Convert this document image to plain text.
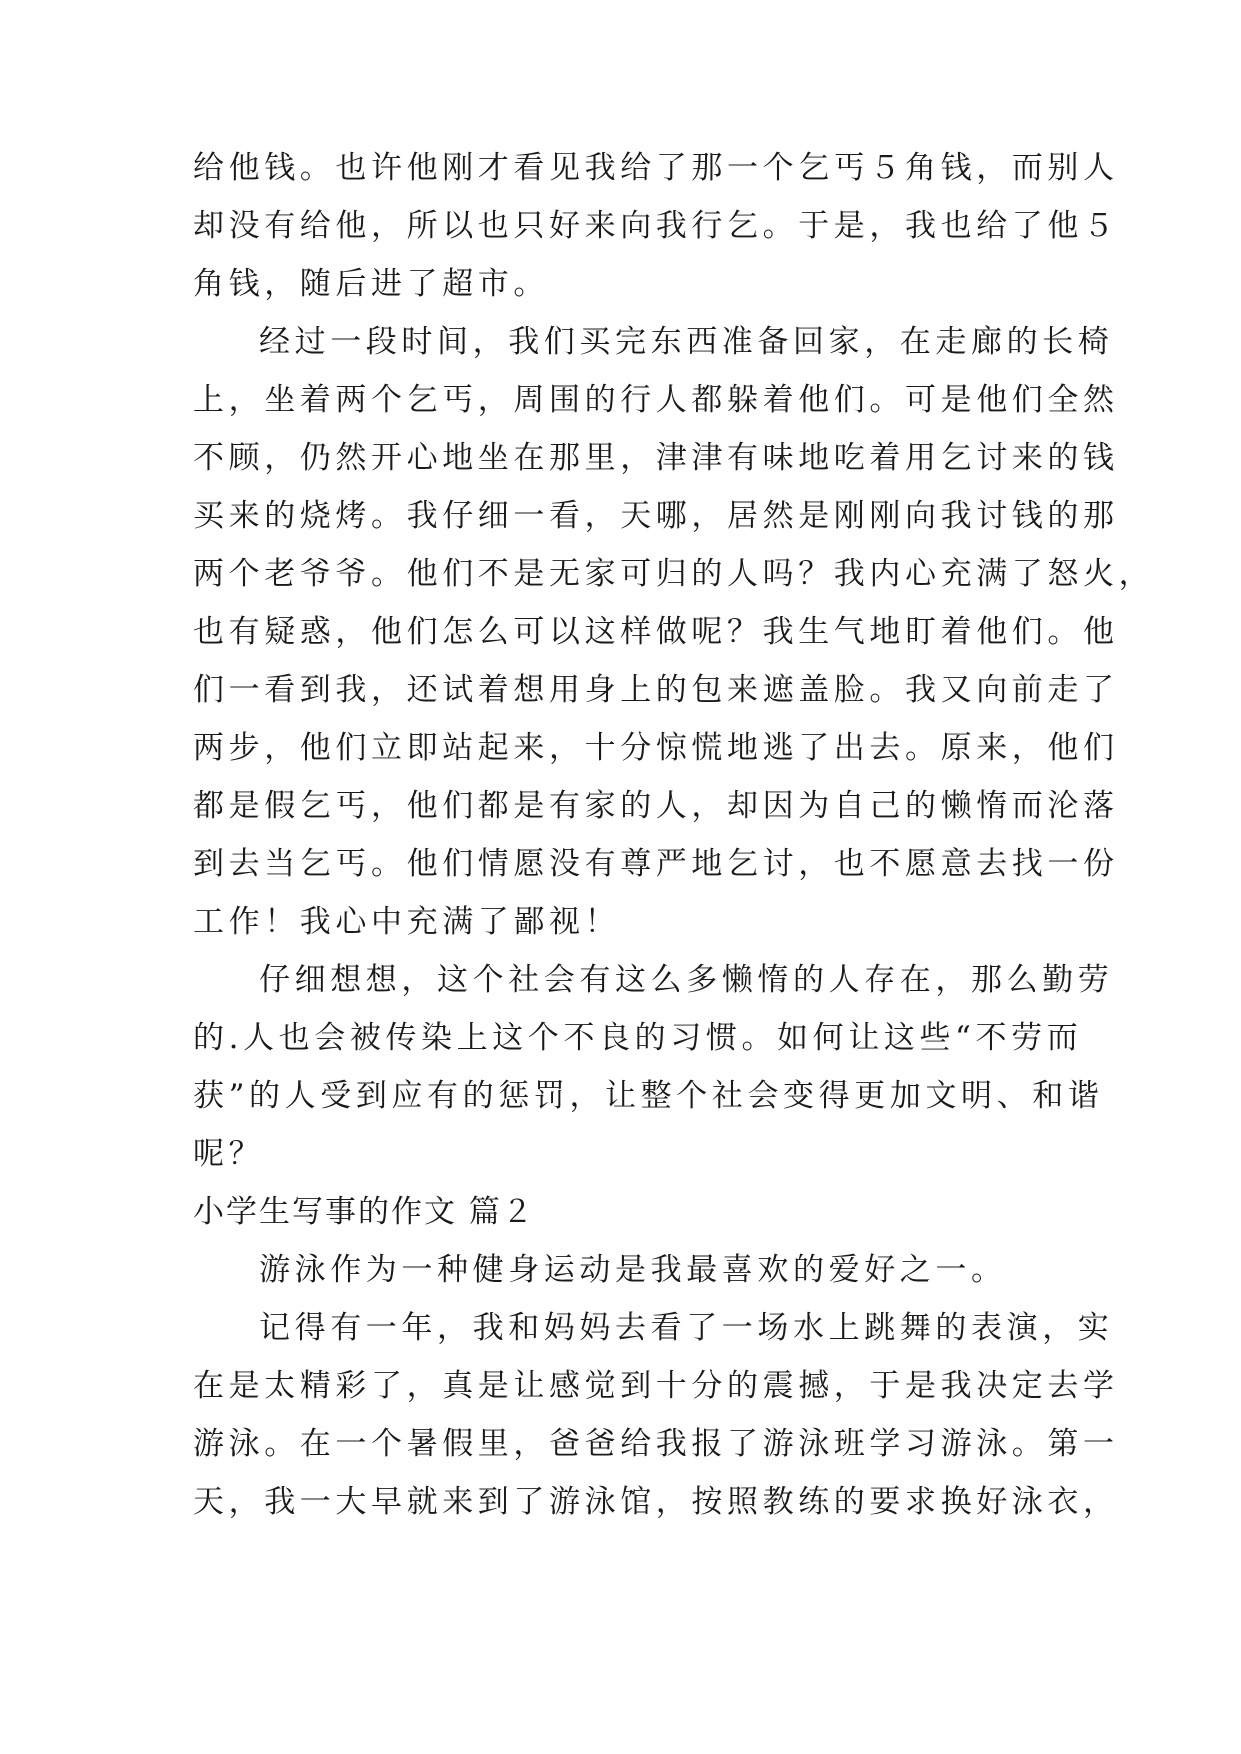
给他钱。也许他刚才看见我给了那一个乞丐５角钱，而别人
却没有给他，所以也只好来向我行乞。于是，我也给了他５
角钱，随后进了超市。
经过一段时间，我们买完东西准备回家，在走廊的长椅
上，坐着两个乞丐，周围的行人都躲着他们。可是他们全然
不顾，仍然开心地坐在那里，津津有味地吃着用乞讨来的钱
买来的烧烤。我仔细一看，天哪，居然是刚刚向我讨钱的那
两个老爷爷。他们不是无家可归的人吗？我内心充满了怒火，
也有疑惑，他们怎么可以这样做呢？我生气地盯着他们。他
们一看到我，还试着想用身上的包来遮盖脸。我又向前走了
两步，他们立即站起来，十分惊慌地逃了出去。原来，他们
都是假乞丐，他们都是有家的人，却因为自己的懒惰而沦落
到去当乞丐。他们情愿没有尊严地乞讨，也不愿意去找一份
工作！我心中充满了鄙视！
仔细想想，这个社会有这么多懒惰的人存在，那么勤劳
的.人也会被传染上这个不良的习惯。如何让这些“不劳而
获”的人受到应有的惩罚，让整个社会变得更加文明、和谐
呢？
小学生写事的作文 篇２
游泳作为一种健身运动是我最喜欢的爱好之一。
记得有一年，我和妈妈去看了一场水上跳舞的表演，实
在是太精彩了，真是让感觉到十分的震撼，于是我决定去学
游泳。在一个暑假里，爸爸给我报了游泳班学习游泳。第一
天，我一大早就来到了游泳馆，按照教练的要求换好泳衣，
